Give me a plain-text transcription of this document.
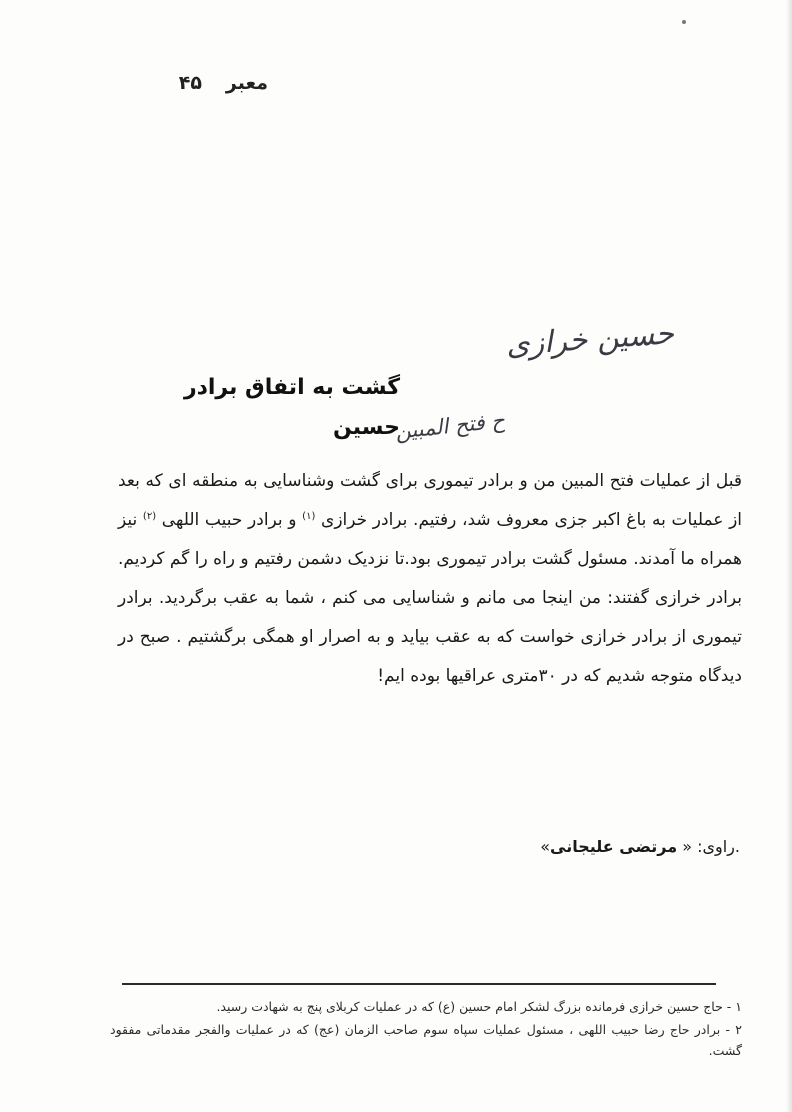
معبر
۴۵
حسین خرازی
گشت به اتفاق برادر حسین
ح فتح المبین
قبل از عملیات فتح المبین من و برادر تیموری برای گشت وشناسایی به منطقه ای که بعد از عملیات به باغ اکبر جزی معروف شد، رفتیم. برادر خرازی $^{(۱)}$ و برادر حبیب اللهی $^{(۲)}$ نیز همراه ما آمدند. مسئول گشت برادر تیموری بود.تا نزدیک دشمن رفتیم و راه را گم کردیم. برادر خرازی گفتند: من اینجا می مانم و شناسایی می کنم ، شما به عقب برگردید. برادر تیموری از برادر خرازی خواست که به عقب بیاید و به اصرار او همگی برگشتیم . صبح در دیدگاه متوجه شدیم که در ۳۰متری عراقیها بوده ایم!
.راوی: « مرتضی علیجانی»

۱ - حاج حسین خرازی فرمانده بزرگ لشکر امام حسین (ع) که در عملیات کربلای پنج به شهادت رسید.

۲ - برادر حاج رضا حبیب اللهی ، مسئول عملیات سپاه سوم صاحب الزمان (عج) که در عملیات والفجر مقدماتی مفقود گشت.
